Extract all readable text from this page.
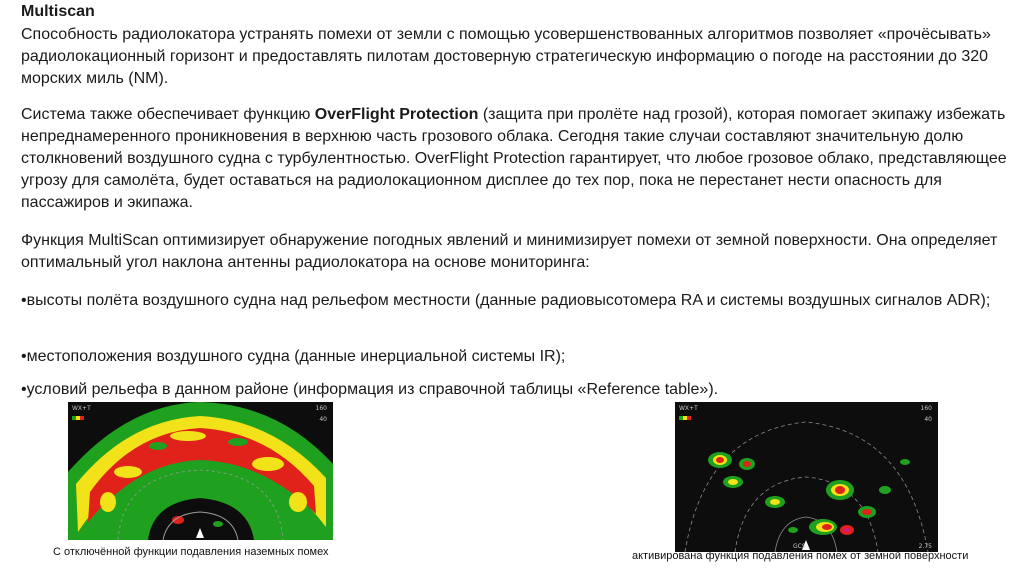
Multiscan

Способность радиолокатора устранять помехи от земли с помощью усовершенствованных алгоритмов позволяет «прочёсывать» радиолокационный горизонт и предоставлять пилотам достоверную стратегическую информацию о погоде на расстоянии до 320 морских миль (NM).

Система также обеспечивает функцию OverFlight Protection (защита при пролёте над грозой), которая помогает экипажу избежать непреднамеренного проникновения в верхнюю часть грозового облака. Сегодня такие случаи составляют значительную долю столкновений воздушного судна с турбулентностью. OverFlight Protection гарантирует, что любое грозовое облако, представляющее угрозу для самолёта, будет оставаться на радиолокационном дисплее до тех пор, пока не перестанет нести опасность для пассажиров и экипажа.

Функция MultiScan оптимизирует обнаружение погодных явлений и минимизирует помехи от земной поверхности. Она определяет оптимальный угол наклона антенны радиолокатора на основе мониторинга:

•высоты полёта воздушного судна над рельефом местности (данные радиовысотомера RA и системы воздушных сигналов ADR);

•местоположения воздушного судна (данные инерциальной системы IR);

•условий рельефа в данном районе (информация из справочной таблицы «Reference table»).

WX+T	160
40
WX+T	160
40
GCS	2.75
С отключённой функции подавления наземных помех	активирована функция подавления помех от земной поверхности
